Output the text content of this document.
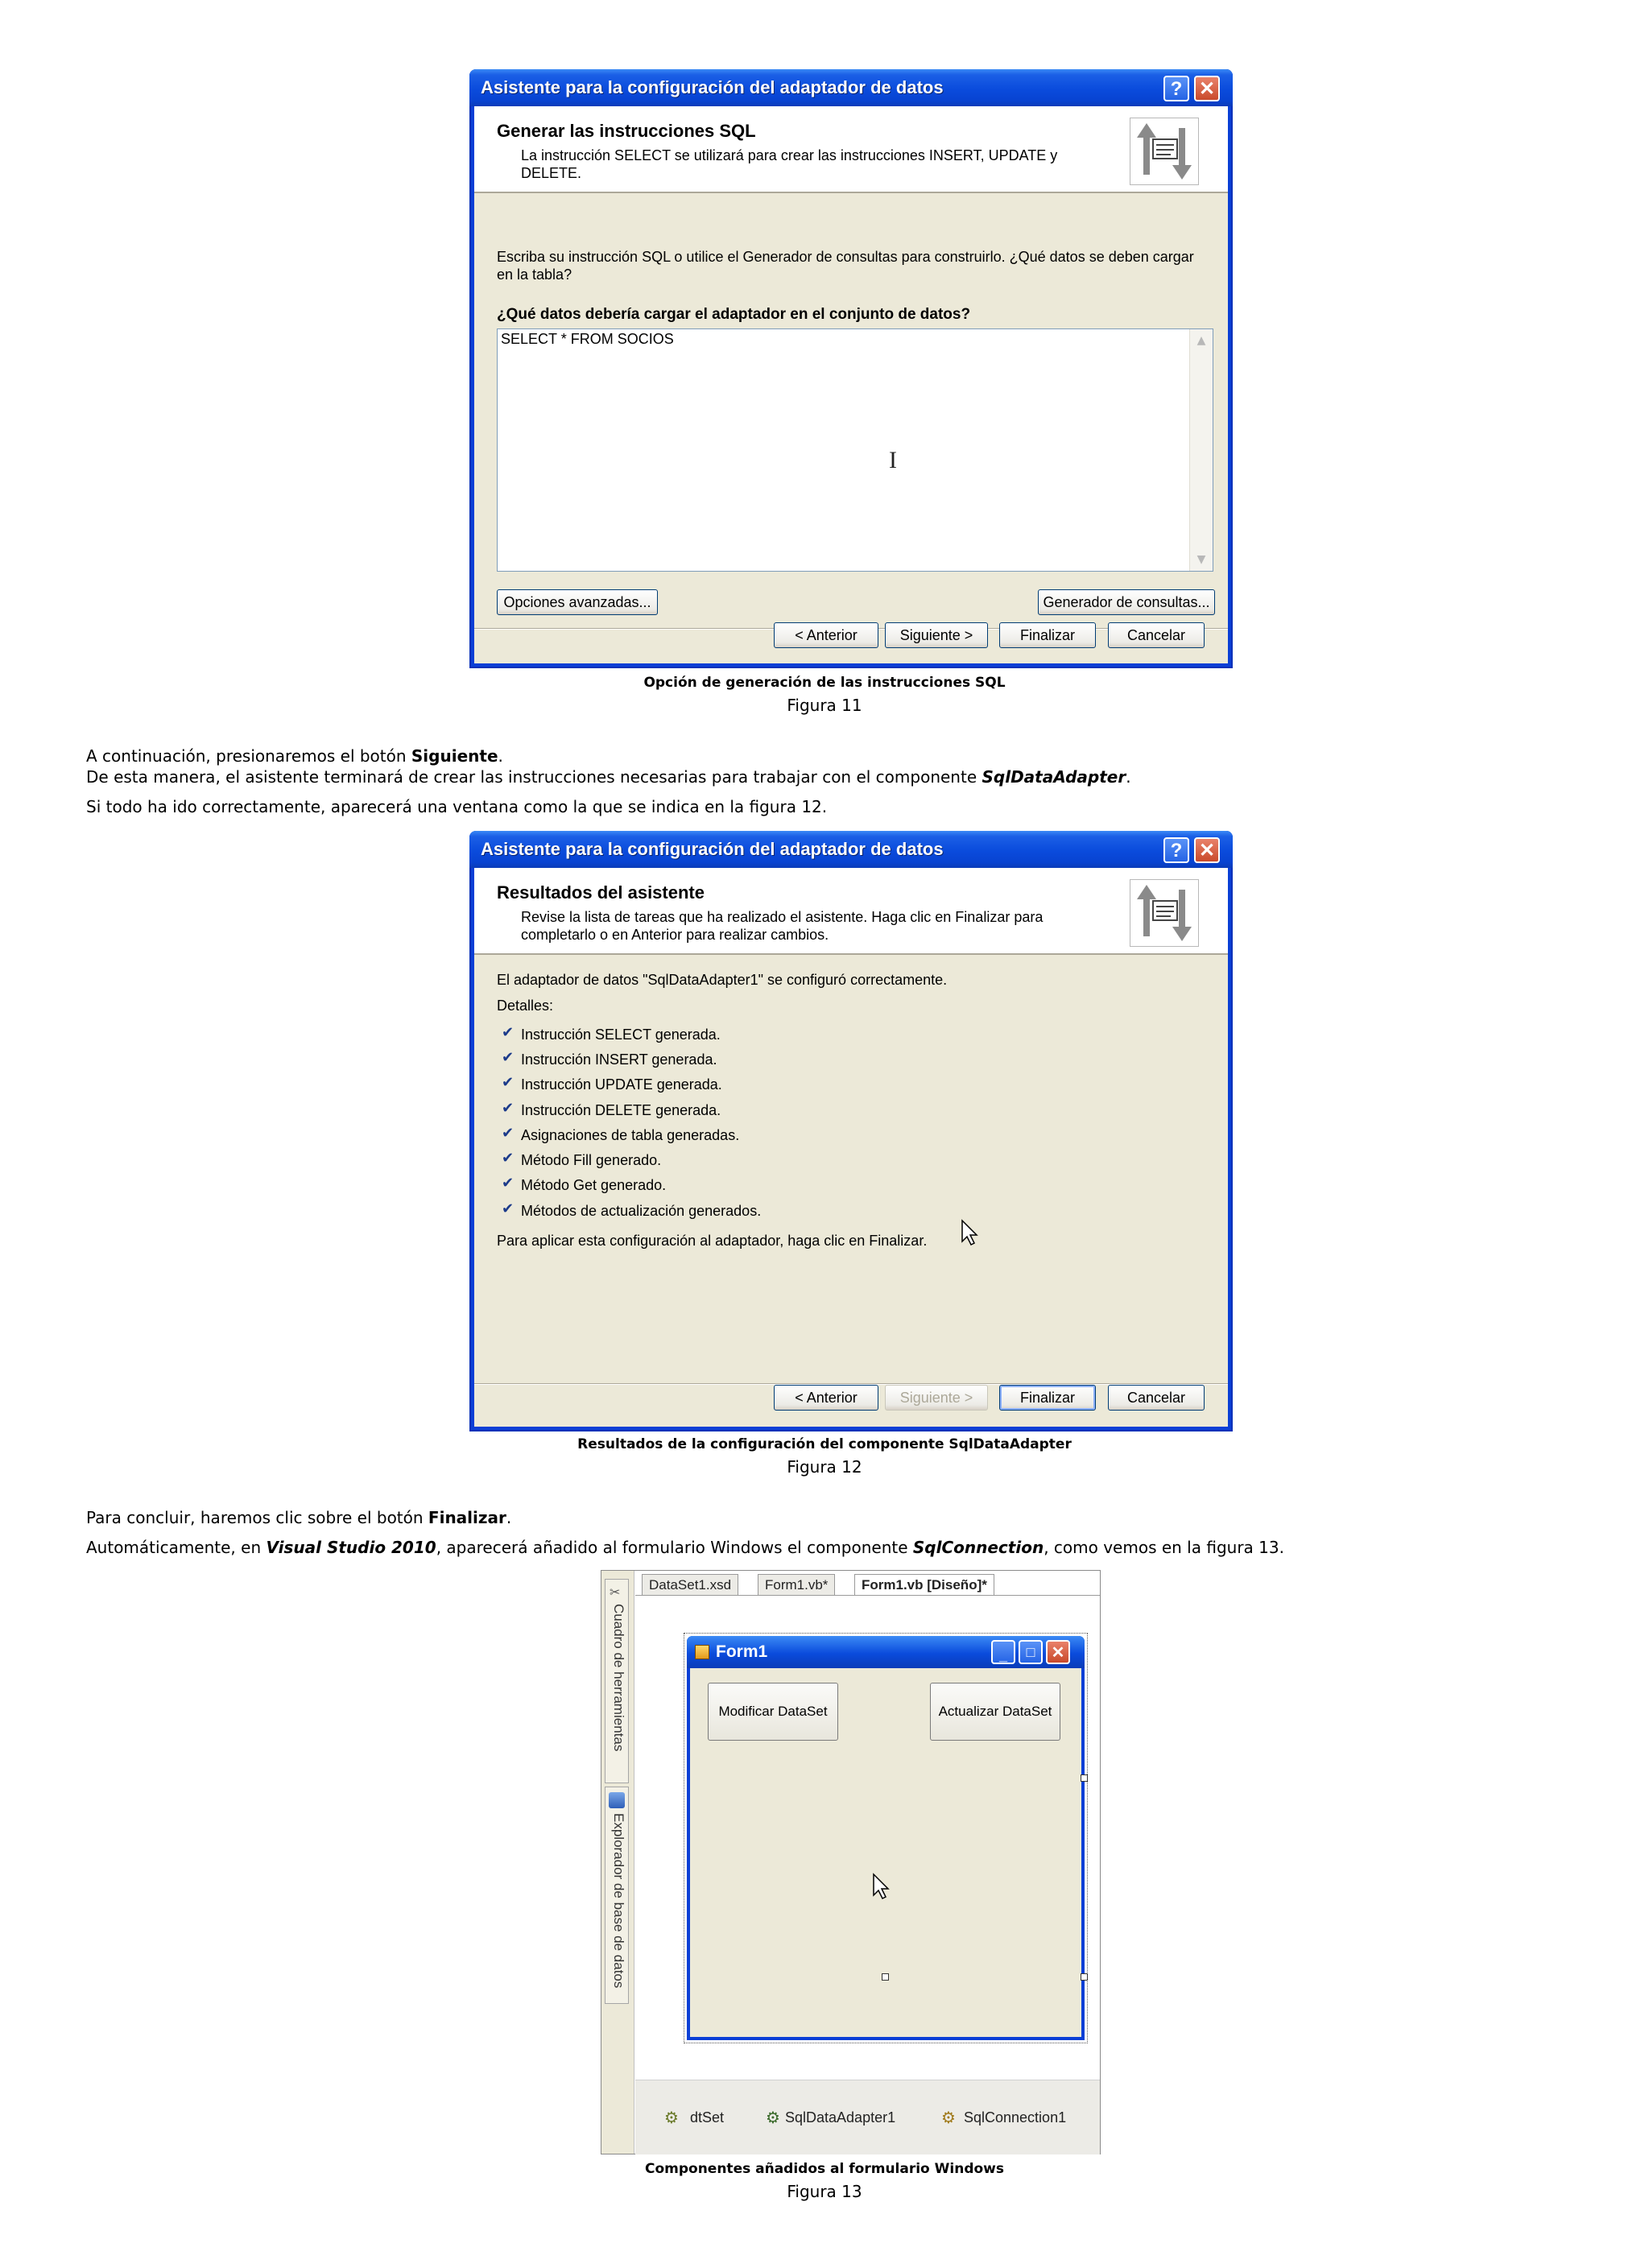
Asistente para la configuración del adaptador de datos	? ✕
Generar las instrucciones SQL
La instrucción SELECT se utilizará para crear las instrucciones INSERT, UPDATE y DELETE.
Escriba su instrucción SQL o utilice el Generador de consultas para construirlo. ¿Qué datos se deben cargar en la tabla?
¿Qué datos debería cargar el adaptador en el conjunto de datos?
SELECT * FROM SOCIOS	▲
▼
I
Opciones avanzadas...	Generador de consultas...
< Anterior	Siguiente >	Finalizar	Cancelar
Opción de generación de las instrucciones SQL
Figura 11
A continuación, presionaremos el botón Siguiente.
De esta manera, el asistente terminará de crear las instrucciones necesarias para trabajar con el componente SqlDataAdapter.
Si todo ha ido correctamente, aparecerá una ventana como la que se indica en la figura 12.
Asistente para la configuración del adaptador de datos	? ✕
Resultados del asistente
Revise la lista de tareas que ha realizado el asistente. Haga clic en Finalizar para completarlo o en Anterior para realizar cambios.
El adaptador de datos "SqlDataAdapter1" se configuró correctamente.
Detalles:
✔ Instrucción SELECT generada.
✔ Instrucción INSERT generada.
✔ Instrucción UPDATE generada.
✔ Instrucción DELETE generada.
✔ Asignaciones de tabla generadas.
✔ Método Fill generado.
✔ Método Get generado.
✔ Métodos de actualización generados.
Para aplicar esta configuración al adaptador, haga clic en Finalizar.
< Anterior	Siguiente >	Finalizar	Cancelar
Resultados de la configuración del componente SqlDataAdapter
Figura 12
Para concluir, haremos clic sobre el botón Finalizar.
Automáticamente, en Visual Studio 2010, aparecerá añadido al formulario Windows el componente SqlConnection, como vemos en la figura 13.
✂
Cuadro de herramientas
Explorador de base de datos
DataSet1.xsd	Form1.vb*	Form1.vb [Diseño]*
Form1	_	□	✕
Modificar DataSet	Actualizar DataSet
⚙ dtSet	⚙ SqlDataAdapter1	⚙ SqlConnection1
Componentes añadidos al formulario Windows
Figura 13
